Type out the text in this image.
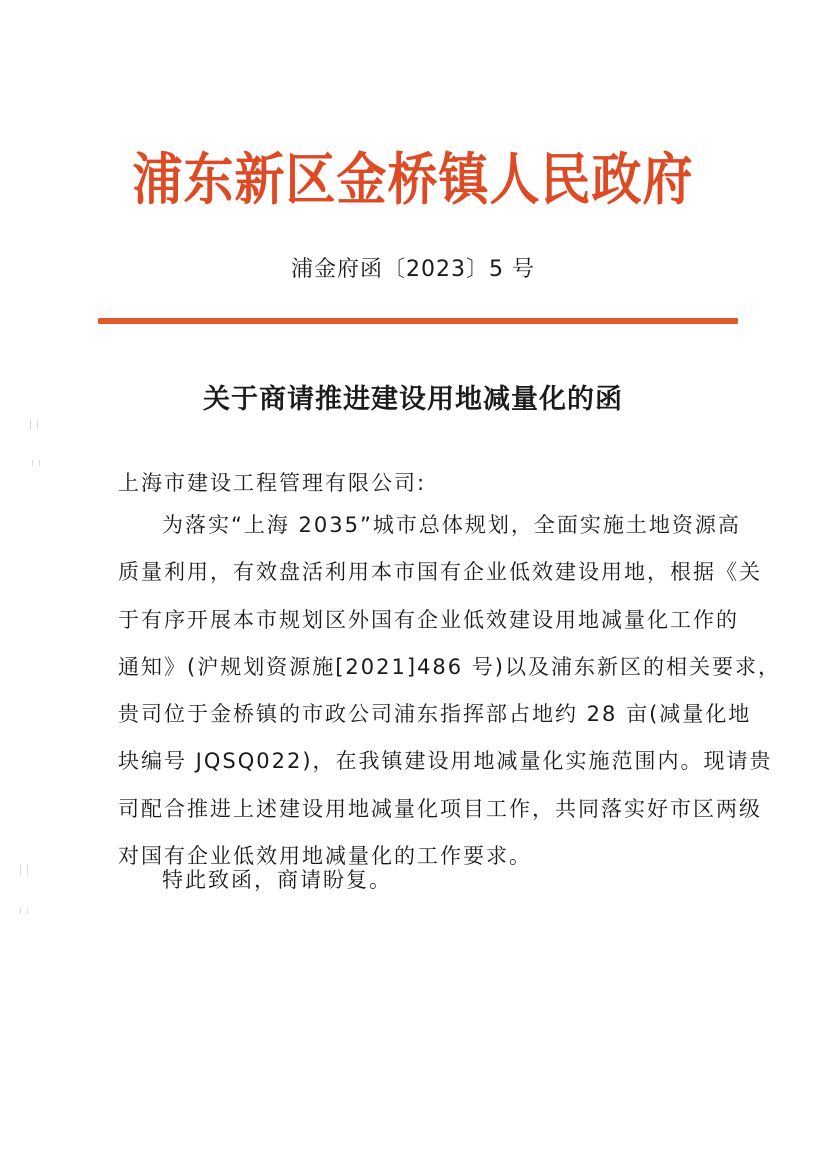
浦东新区金桥镇人民政府
浦金府函〔2023〕5 号
关于商请推进建设用地减量化的函
上海市建设工程管理有限公司:
为落实“上海 2035”城市总体规划，全面实施土地资源高
质量利用，有效盘活利用本市国有企业低效建设用地，根据《关
于有序开展本市规划区外国有企业低效建设用地减量化工作的
通知》(沪规划资源施[2021]486 号)以及浦东新区的相关要求，
贵司位于金桥镇的市政公司浦东指挥部占地约 28 亩(减量化地
块编号 JQSQ022)，在我镇建设用地减量化实施范围内。现请贵
司配合推进上述建设用地减量化项目工作，共同落实好市区两级
对国有企业低效用地减量化的工作要求。
特此致函，商请盼复。
